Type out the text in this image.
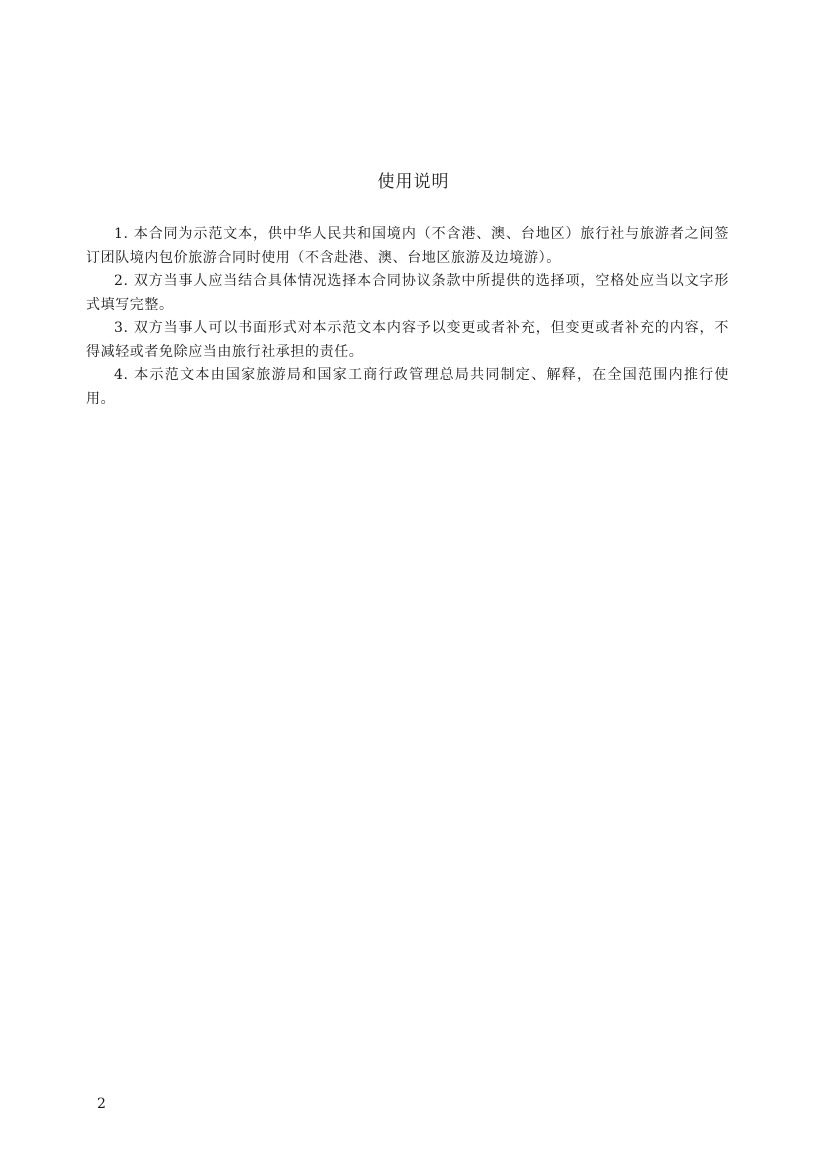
使用说明

1. 本合同为示范文本，供中华人民共和国境内（不含港、澳、台地区）旅行社与旅游者之间签订团队境内包价旅游合同时使用（不含赴港、澳、台地区旅游及边境游）。

2. 双方当事人应当结合具体情况选择本合同协议条款中所提供的选择项，空格处应当以文字形式填写完整。

3. 双方当事人可以书面形式对本示范文本内容予以变更或者补充，但变更或者补充的内容，不得减轻或者免除应当由旅行社承担的责任。

4. 本示范文本由国家旅游局和国家工商行政管理总局共同制定、解释，在全国范围内推行使用。

2
